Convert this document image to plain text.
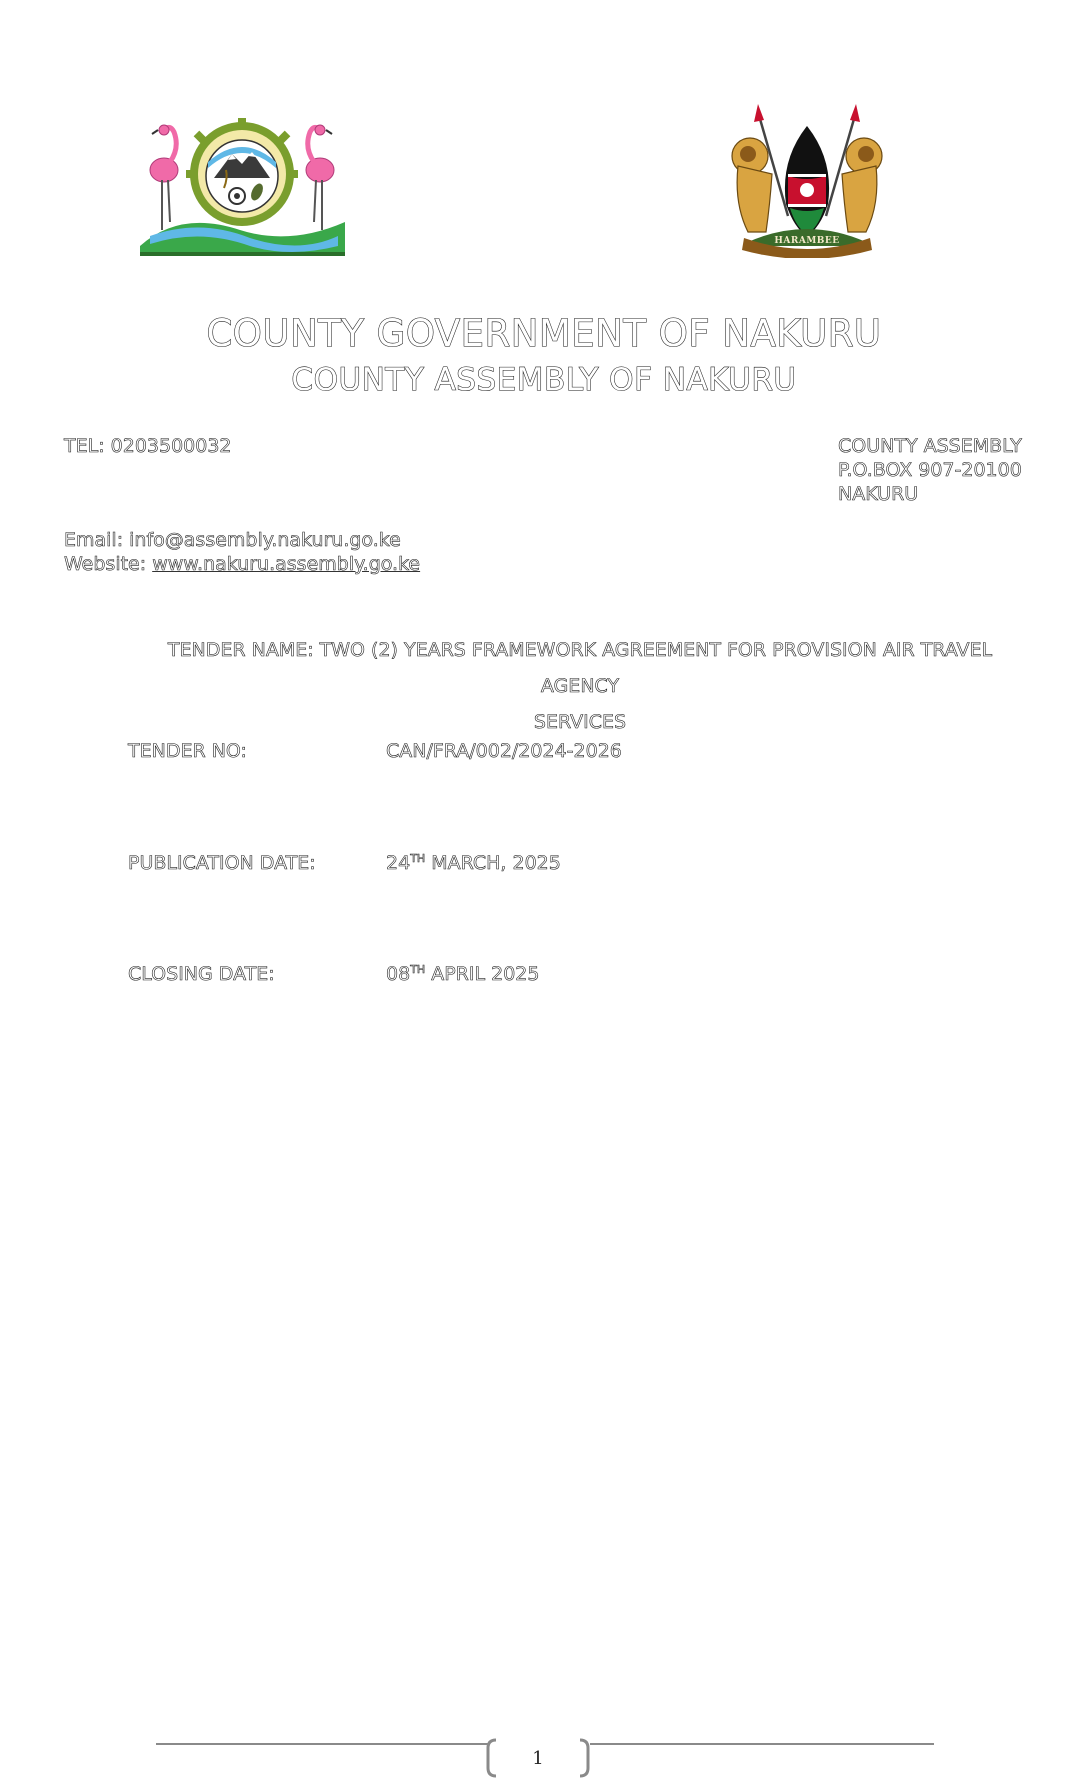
HARAMBEE
COUNTY GOVERNMENT OF NAKURU
COUNTY ASSEMBLY OF NAKURU
TEL: 0203500032	COUNTY ASSEMBLY
P.O.BOX 907-20100
NAKURU
Email: info@assembly.nakuru.go.ke
Website: www.nakuru.assembly.go.ke
TENDER NAME: TWO (2) YEARS FRAMEWORK AGREEMENT FOR PROVISION AIR TRAVEL AGENCY
SERVICES
TENDER NO:	CAN/FRA/002/2024-2026
PUBLICATION DATE:	24TH MARCH, 2025
CLOSING DATE:	08TH APRIL 2025
1
